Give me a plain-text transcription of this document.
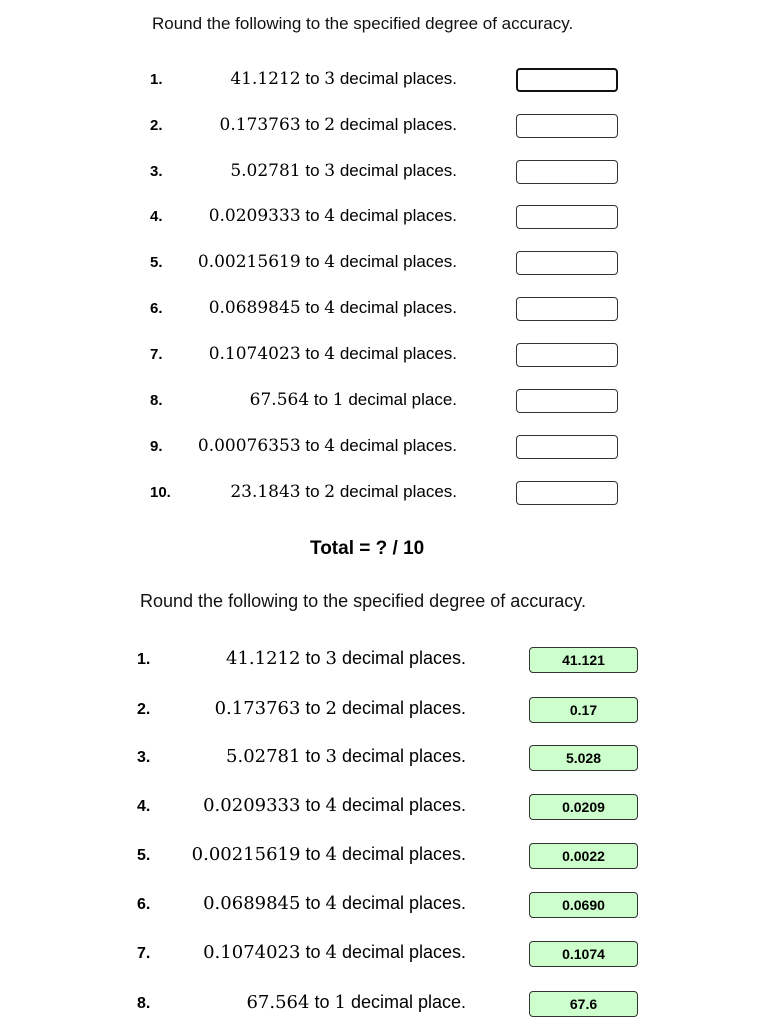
Round the following to the specified degree of accuracy.
1.	41.1212 to 3 decimal places.
2.	0.173763 to 2 decimal places.
3.	5.02781 to 3 decimal places.
4.	0.0209333 to 4 decimal places.
5. 0.00215619 to 4 decimal places.
6.	0.0689845 to 4 decimal places.
7.	0.1074023 to 4 decimal places.
8.	67.564 to 1 decimal place.
9. 0.00076353 to 4 decimal places.
10.	23.1843 to 2 decimal places.
Total = ? / 10
Round the following to the specified degree of accuracy.
1.	41.1212 to 3 decimal places.	41.121
2.	0.173763 to 2 decimal places.	0.17
3.	5.02781 to 3 decimal places.	5.028
4.	0.0209333 to 4 decimal places.	0.0209
5. 0.00215619 to 4 decimal places.	0.0022
6.	0.0689845 to 4 decimal places.	0.0690
7.	0.1074023 to 4 decimal places.	0.1074
8.	67.564 to 1 decimal place.	67.6
